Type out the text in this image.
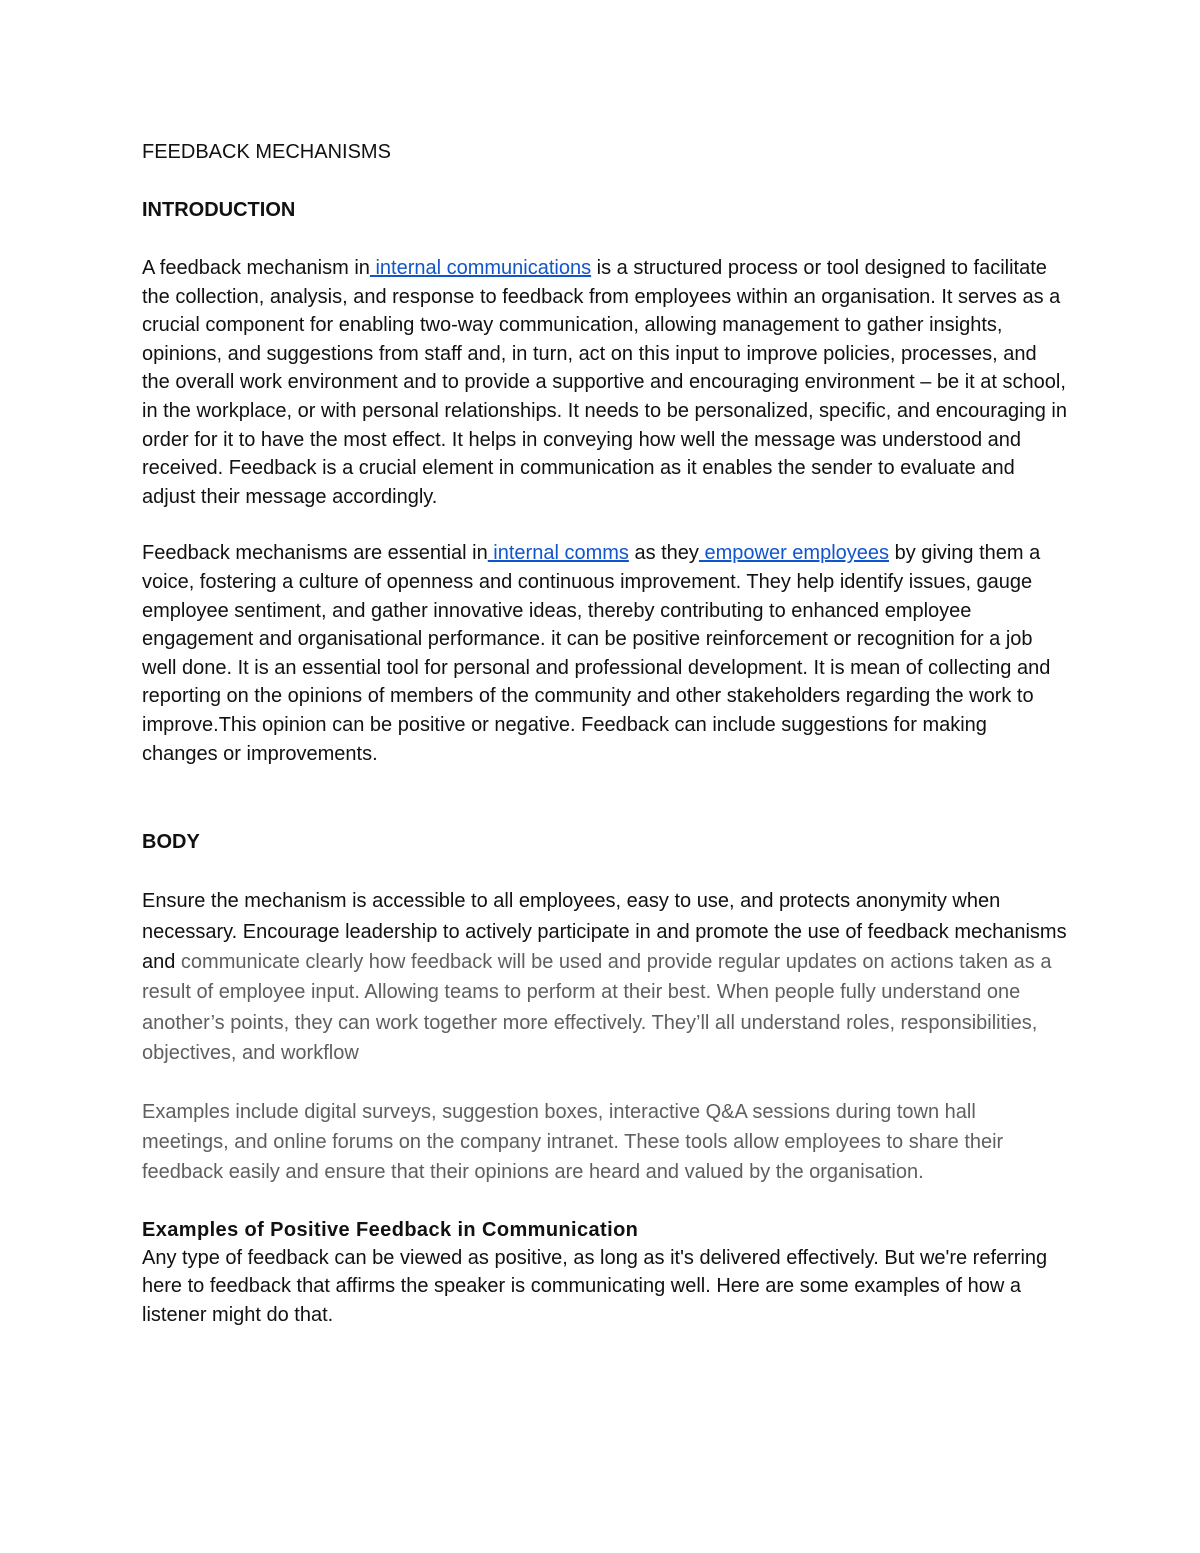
FEEDBACK MECHANISMS
INTRODUCTION

A feedback mechanism in internal communications is a structured process or tool designed to facilitate the collection, analysis, and response to feedback from employees within an organisation. It serves as a crucial component for enabling two-way communication, allowing management to gather insights, opinions, and suggestions from staff and, in turn, act on this input to improve policies, processes, and the overall work environment and to provide a supportive and encouraging environment – be it at school, in the workplace, or with personal relationships. It needs to be personalized, specific, and encouraging in order for it to have the most effect. It helps in conveying how well the message was understood and received. Feedback is a crucial element in communication as it enables the sender to evaluate and adjust their message accordingly.

Feedback mechanisms are essential in internal comms as they empower employees by giving them a voice, fostering a culture of openness and continuous improvement. They help identify issues, gauge employee sentiment, and gather innovative ideas, thereby contributing to enhanced employee engagement and organisational performance. it can be positive reinforcement or recognition for a job well done. It is an essential tool for personal and professional development. It is mean of collecting and reporting on the opinions of members of the community and other stakeholders regarding the work to improve.This opinion can be positive or negative. Feedback can include suggestions for making changes or improvements.

BODY

Ensure the mechanism is accessible to all employees, easy to use, and protects anonymity when necessary. Encourage leadership to actively participate in and promote the use of feedback mechanisms and communicate clearly how feedback will be used and provide regular updates on actions taken as a result of employee input. Allowing teams to perform at their best. When people fully understand one another’s points, they can work together more effectively. They’ll all understand roles, responsibilities, objectives, and workflow

Examples include digital surveys, suggestion boxes, interactive Q&A sessions during town hall meetings, and online forums on the company intranet. These tools allow employees to share their feedback easily and ensure that their opinions are heard and valued by the organisation.

Examples of Positive Feedback in Communication

Any type of feedback can be viewed as positive, as long as it's delivered effectively. But we're referring here to feedback that affirms the speaker is communicating well. Here are some examples of how a listener might do that.
